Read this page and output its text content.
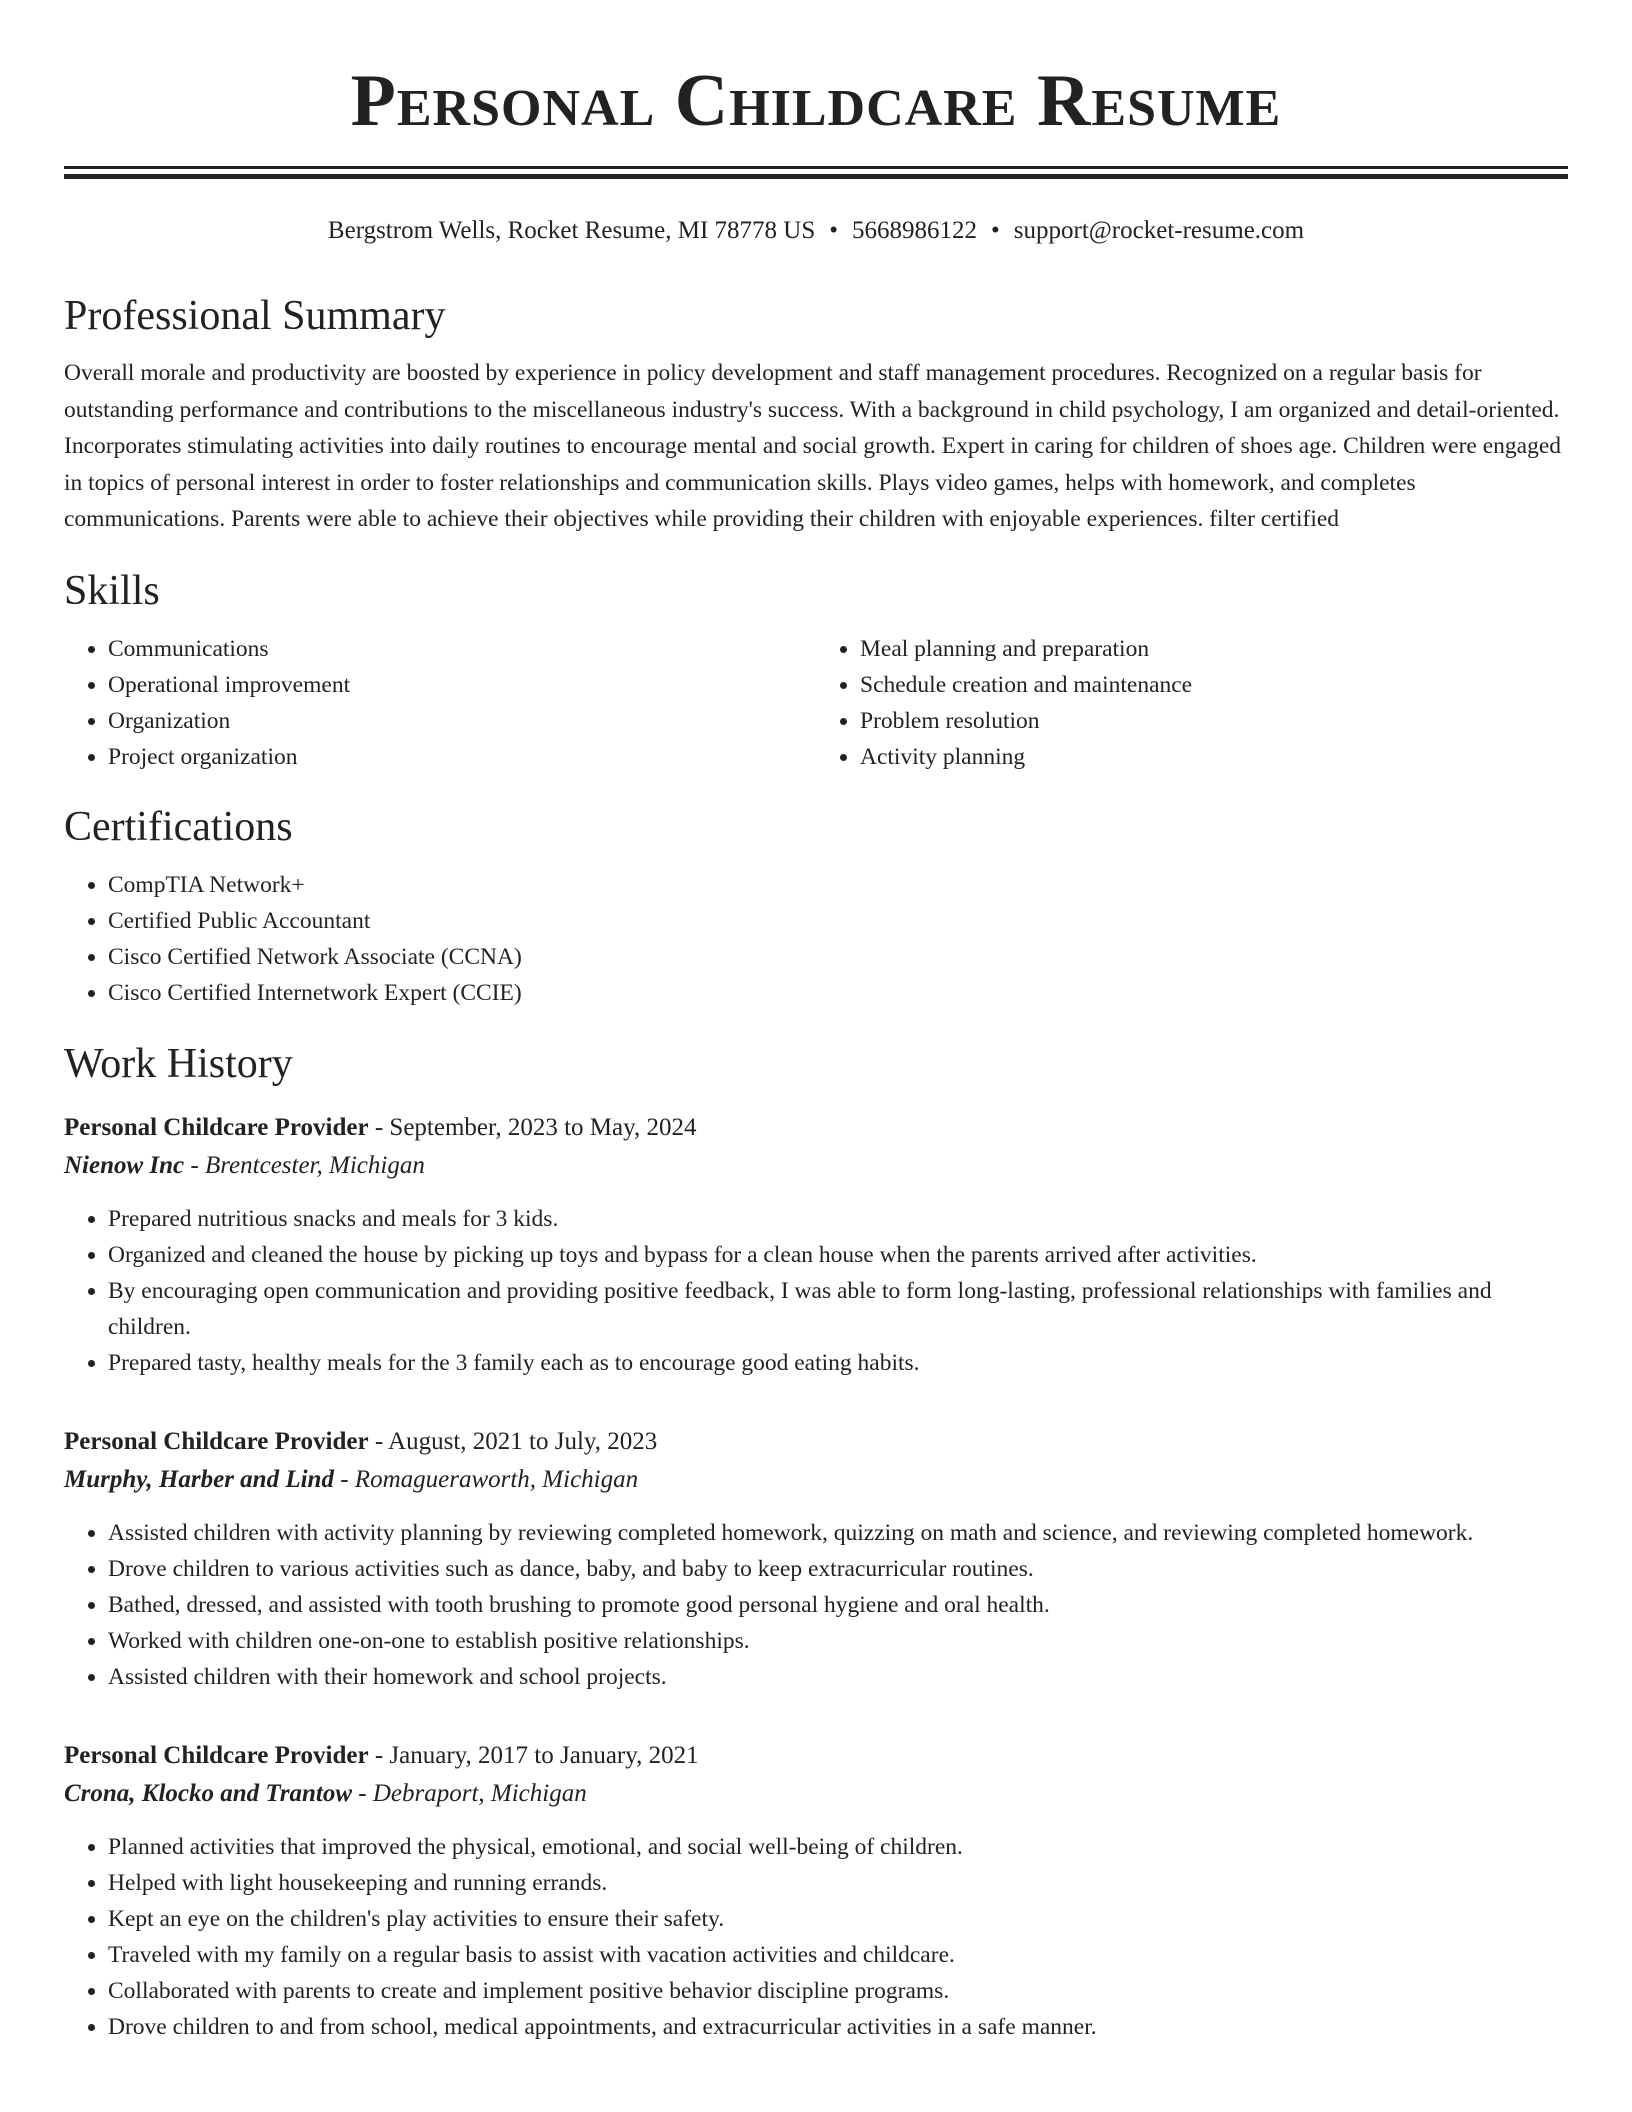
Personal Childcare Resume
Bergstrom Wells, Rocket Resume, MI 78778 US • 5668986122 • support@rocket-resume.com
Professional Summary

Overall morale and productivity are boosted by experience in policy development and staff management procedures. Recognized on a regular basis for outstanding performance and contributions to the miscellaneous industry's success. With a background in child psychology, I am organized and detail-oriented. Incorporates stimulating activities into daily routines to encourage mental and social growth. Expert in caring for children of shoes age. Children were engaged in topics of personal interest in order to foster relationships and communication skills. Plays video games, helps with homework, and completes communications. Parents were able to achieve their objectives while providing their children with enjoyable experiences. filter certified

Skills
• Communications
• Operational improvement
• Organization
• Project organization
• Meal planning and preparation
• Schedule creation and maintenance
• Problem resolution
• Activity planning
Certifications
• CompTIA Network+
• Certified Public Accountant
• Cisco Certified Network Associate (CCNA)
• Cisco Certified Internetwork Expert (CCIE)
Work History
Personal Childcare Provider - September, 2023 to May, 2024
Nienow Inc - Brentcester, Michigan
• Prepared nutritious snacks and meals for 3 kids.
• Organized and cleaned the house by picking up toys and bypass for a clean house when the parents arrived after activities.
• By encouraging open communication and providing positive feedback, I was able to form long-lasting, professional relationships with families and children.
• Prepared tasty, healthy meals for the 3 family each as to encourage good eating habits.
Personal Childcare Provider - August, 2021 to July, 2023
Murphy, Harber and Lind - Romagueraworth, Michigan
• Assisted children with activity planning by reviewing completed homework, quizzing on math and science, and reviewing completed homework.
• Drove children to various activities such as dance, baby, and baby to keep extracurricular routines.
• Bathed, dressed, and assisted with tooth brushing to promote good personal hygiene and oral health.
• Worked with children one-on-one to establish positive relationships.
• Assisted children with their homework and school projects.
Personal Childcare Provider - January, 2017 to January, 2021
Crona, Klocko and Trantow - Debraport, Michigan
• Planned activities that improved the physical, emotional, and social well-being of children.
• Helped with light housekeeping and running errands.
• Kept an eye on the children's play activities to ensure their safety.
• Traveled with my family on a regular basis to assist with vacation activities and childcare.
• Collaborated with parents to create and implement positive behavior discipline programs.
• Drove children to and from school, medical appointments, and extracurricular activities in a safe manner.
